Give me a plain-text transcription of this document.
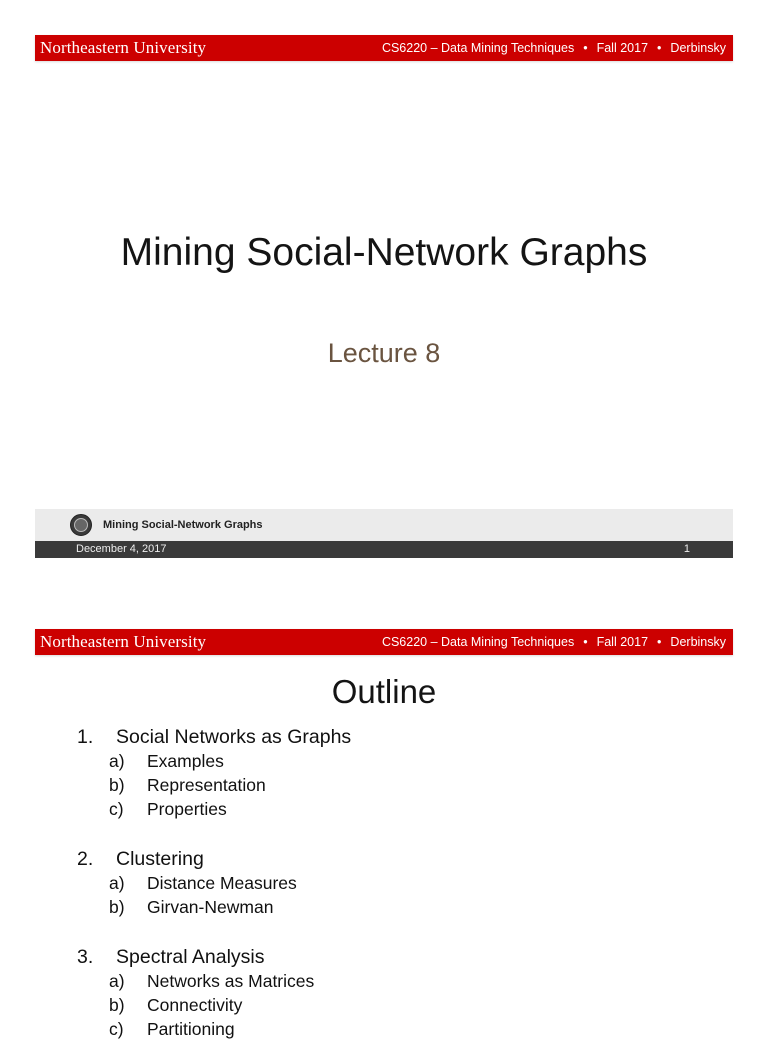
Northeastern University	CS6220 – Data Mining Techniques • Fall 2017 • Derbinsky
Mining Social-Network Graphs
Lecture 8
Mining Social-Network Graphs
December 4, 2017	1
Northeastern University	CS6220 – Data Mining Techniques • Fall 2017 • Derbinsky
Outline
1. Social Networks as Graphs
a) Examples
b) Representation
c) Properties
2. Clustering
a) Distance Measures
b) Girvan-Newman
3. Spectral Analysis
a) Networks as Matrices
b) Connectivity
c) Partitioning
